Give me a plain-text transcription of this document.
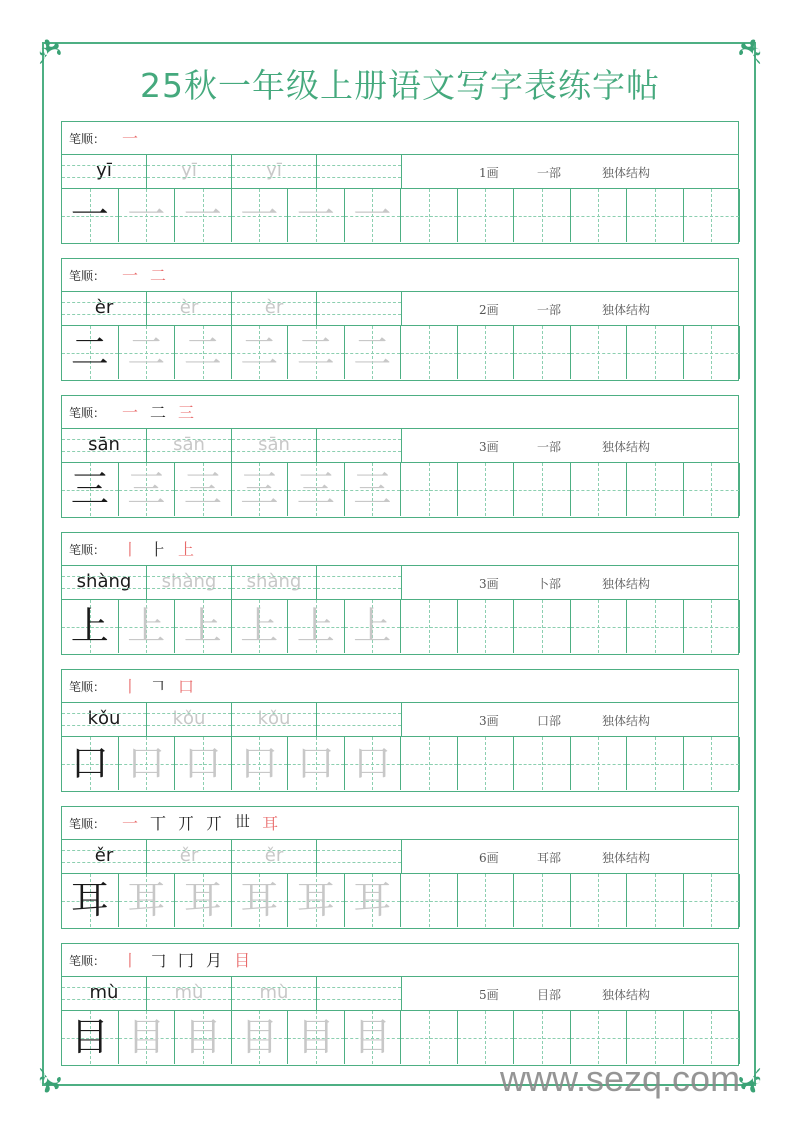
25秋一年级上册语文写字表练字帖
笔顺： 一
yī	yī	yī	1画	一部	独体结构
一 一 一 一 一 一
笔顺： 一 二
èr	èr	èr	2画	一部	独体结构
二 二 二 二 二 二
笔顺： 一 二 三
sān	sān	sān	3画	一部	独体结构
三 三 三 三 三 三
笔顺： 丨 ⺊ 上
shàng	shàng	shàng	3画	卜部	独体结构
上 上 上 上 上 上
笔顺： 丨 𠃍 口
kǒu	kǒu	kǒu	3画	口部	独体结构
口 口 口 口 口 口
笔顺： 一 丅 丌 丌 𠀍 耳
ěr	ěr	ěr	6画	耳部	独体结构
耳 耳 耳 耳 耳 耳
笔顺： 丨 𠃌 冂 月 目
mù	mù	mù	5画	目部	独体结构
目 目 目 目 目 目
www.sezq.com
